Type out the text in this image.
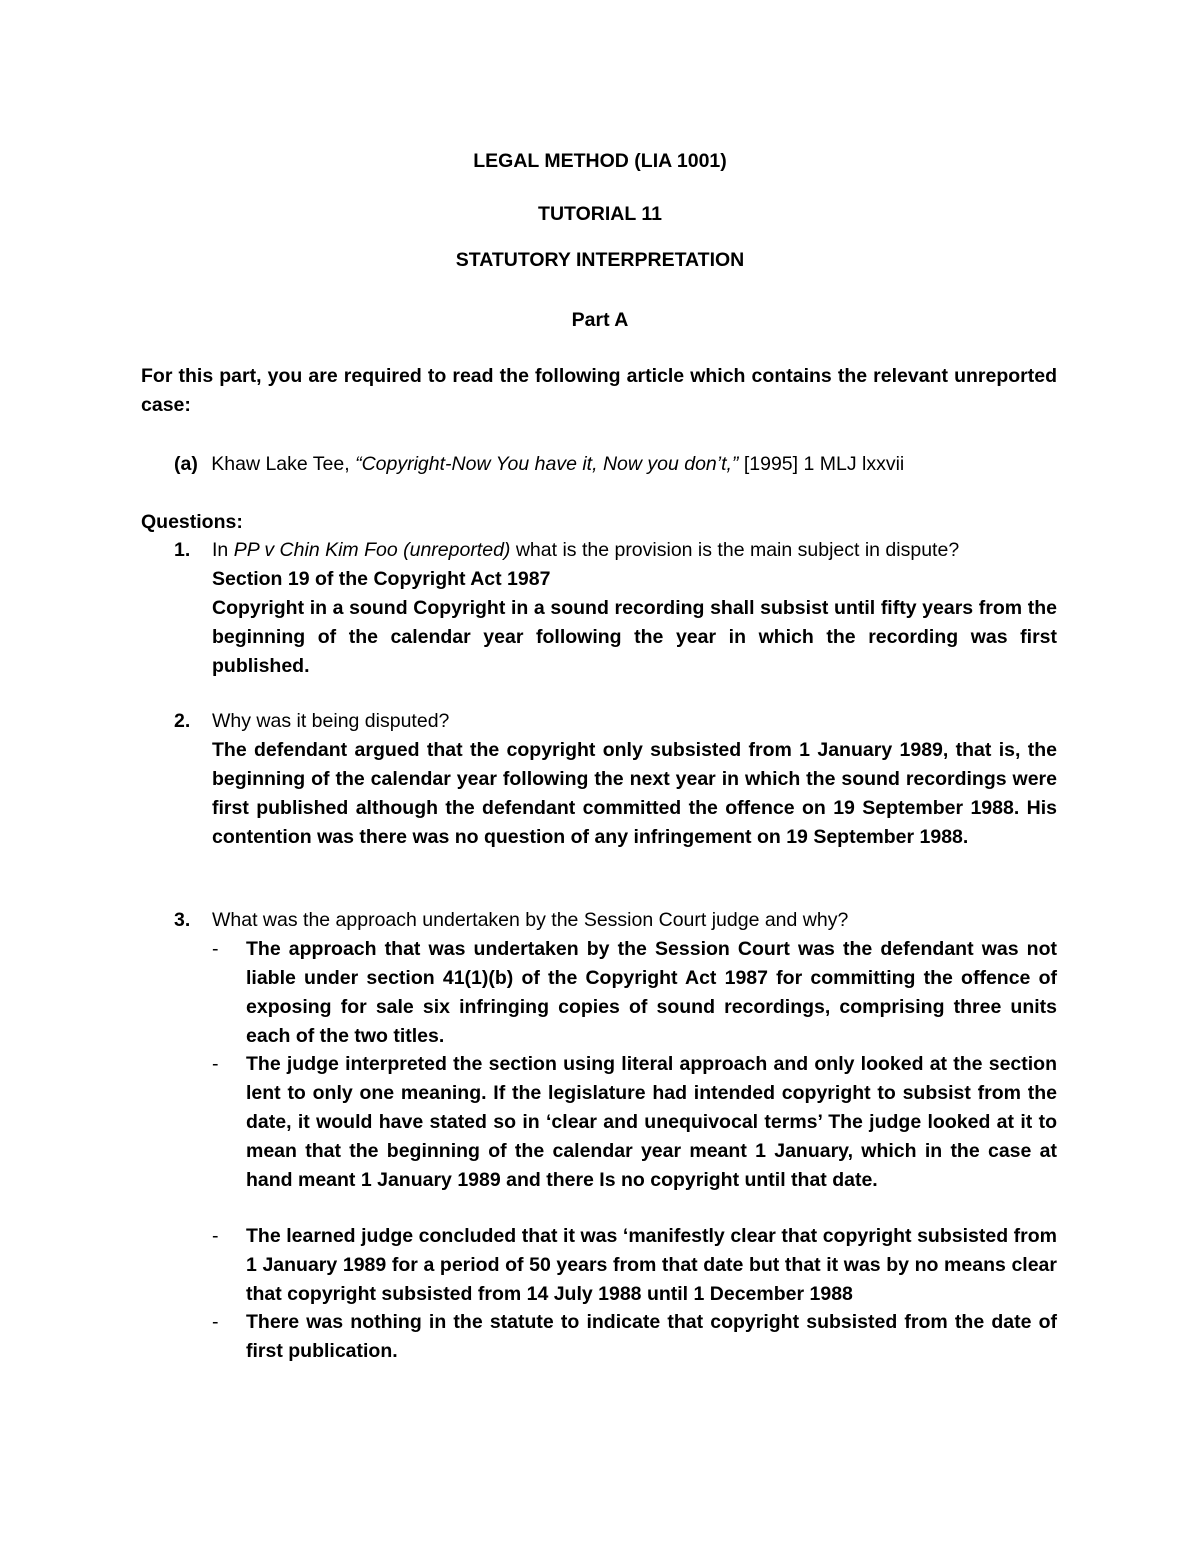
LEGAL METHOD (LIA 1001)
TUTORIAL 11
STATUTORY INTERPRETATION
Part A
For this part, you are required to read the following article which contains the relevant unreported case:
(a) Khaw Lake Tee, “Copyright-Now You have it, Now you don’t,” [1995] 1 MLJ lxxvii
Questions:
1.	In PP v Chin Kim Foo (unreported) what is the provision is the main subject in dispute?
Section 19 of the Copyright Act 1987
Copyright in a sound Copyright in a sound recording shall subsist until fifty years from the beginning of the calendar year following the year in which the recording was first published.
2.	Why was it being disputed?
The defendant argued that the copyright only subsisted from 1 January 1989, that is, the beginning of the calendar year following the next year in which the sound recordings were first published although the defendant committed the offence on 19 September 1988. His contention was there was no question of any infringement on 19 September 1988.
3.	What was the approach undertaken by the Session Court judge and why?
-	The approach that was undertaken by the Session Court was the defendant was not liable under section 41(1)(b) of the Copyright Act 1987 for committing the offence of exposing for sale six infringing copies of sound recordings, comprising three units each of the two titles.
-	The judge interpreted the section using literal approach and only looked at the section lent to only one meaning. If the legislature had intended copyright to subsist from the date, it would have stated so in ‘clear and unequivocal terms’ The judge looked at it to mean that the beginning of the calendar year meant 1 January, which in the case at hand meant 1 January 1989 and there Is no copyright until that date.
-	The learned judge concluded that it was ‘manifestly clear that copyright subsisted from 1 January 1989 for a period of 50 years from that date but that it was by no means clear that copyright subsisted from 14 July 1988 until 1 December 1988
-	There was nothing in the statute to indicate that copyright subsisted from the date of first publication.
